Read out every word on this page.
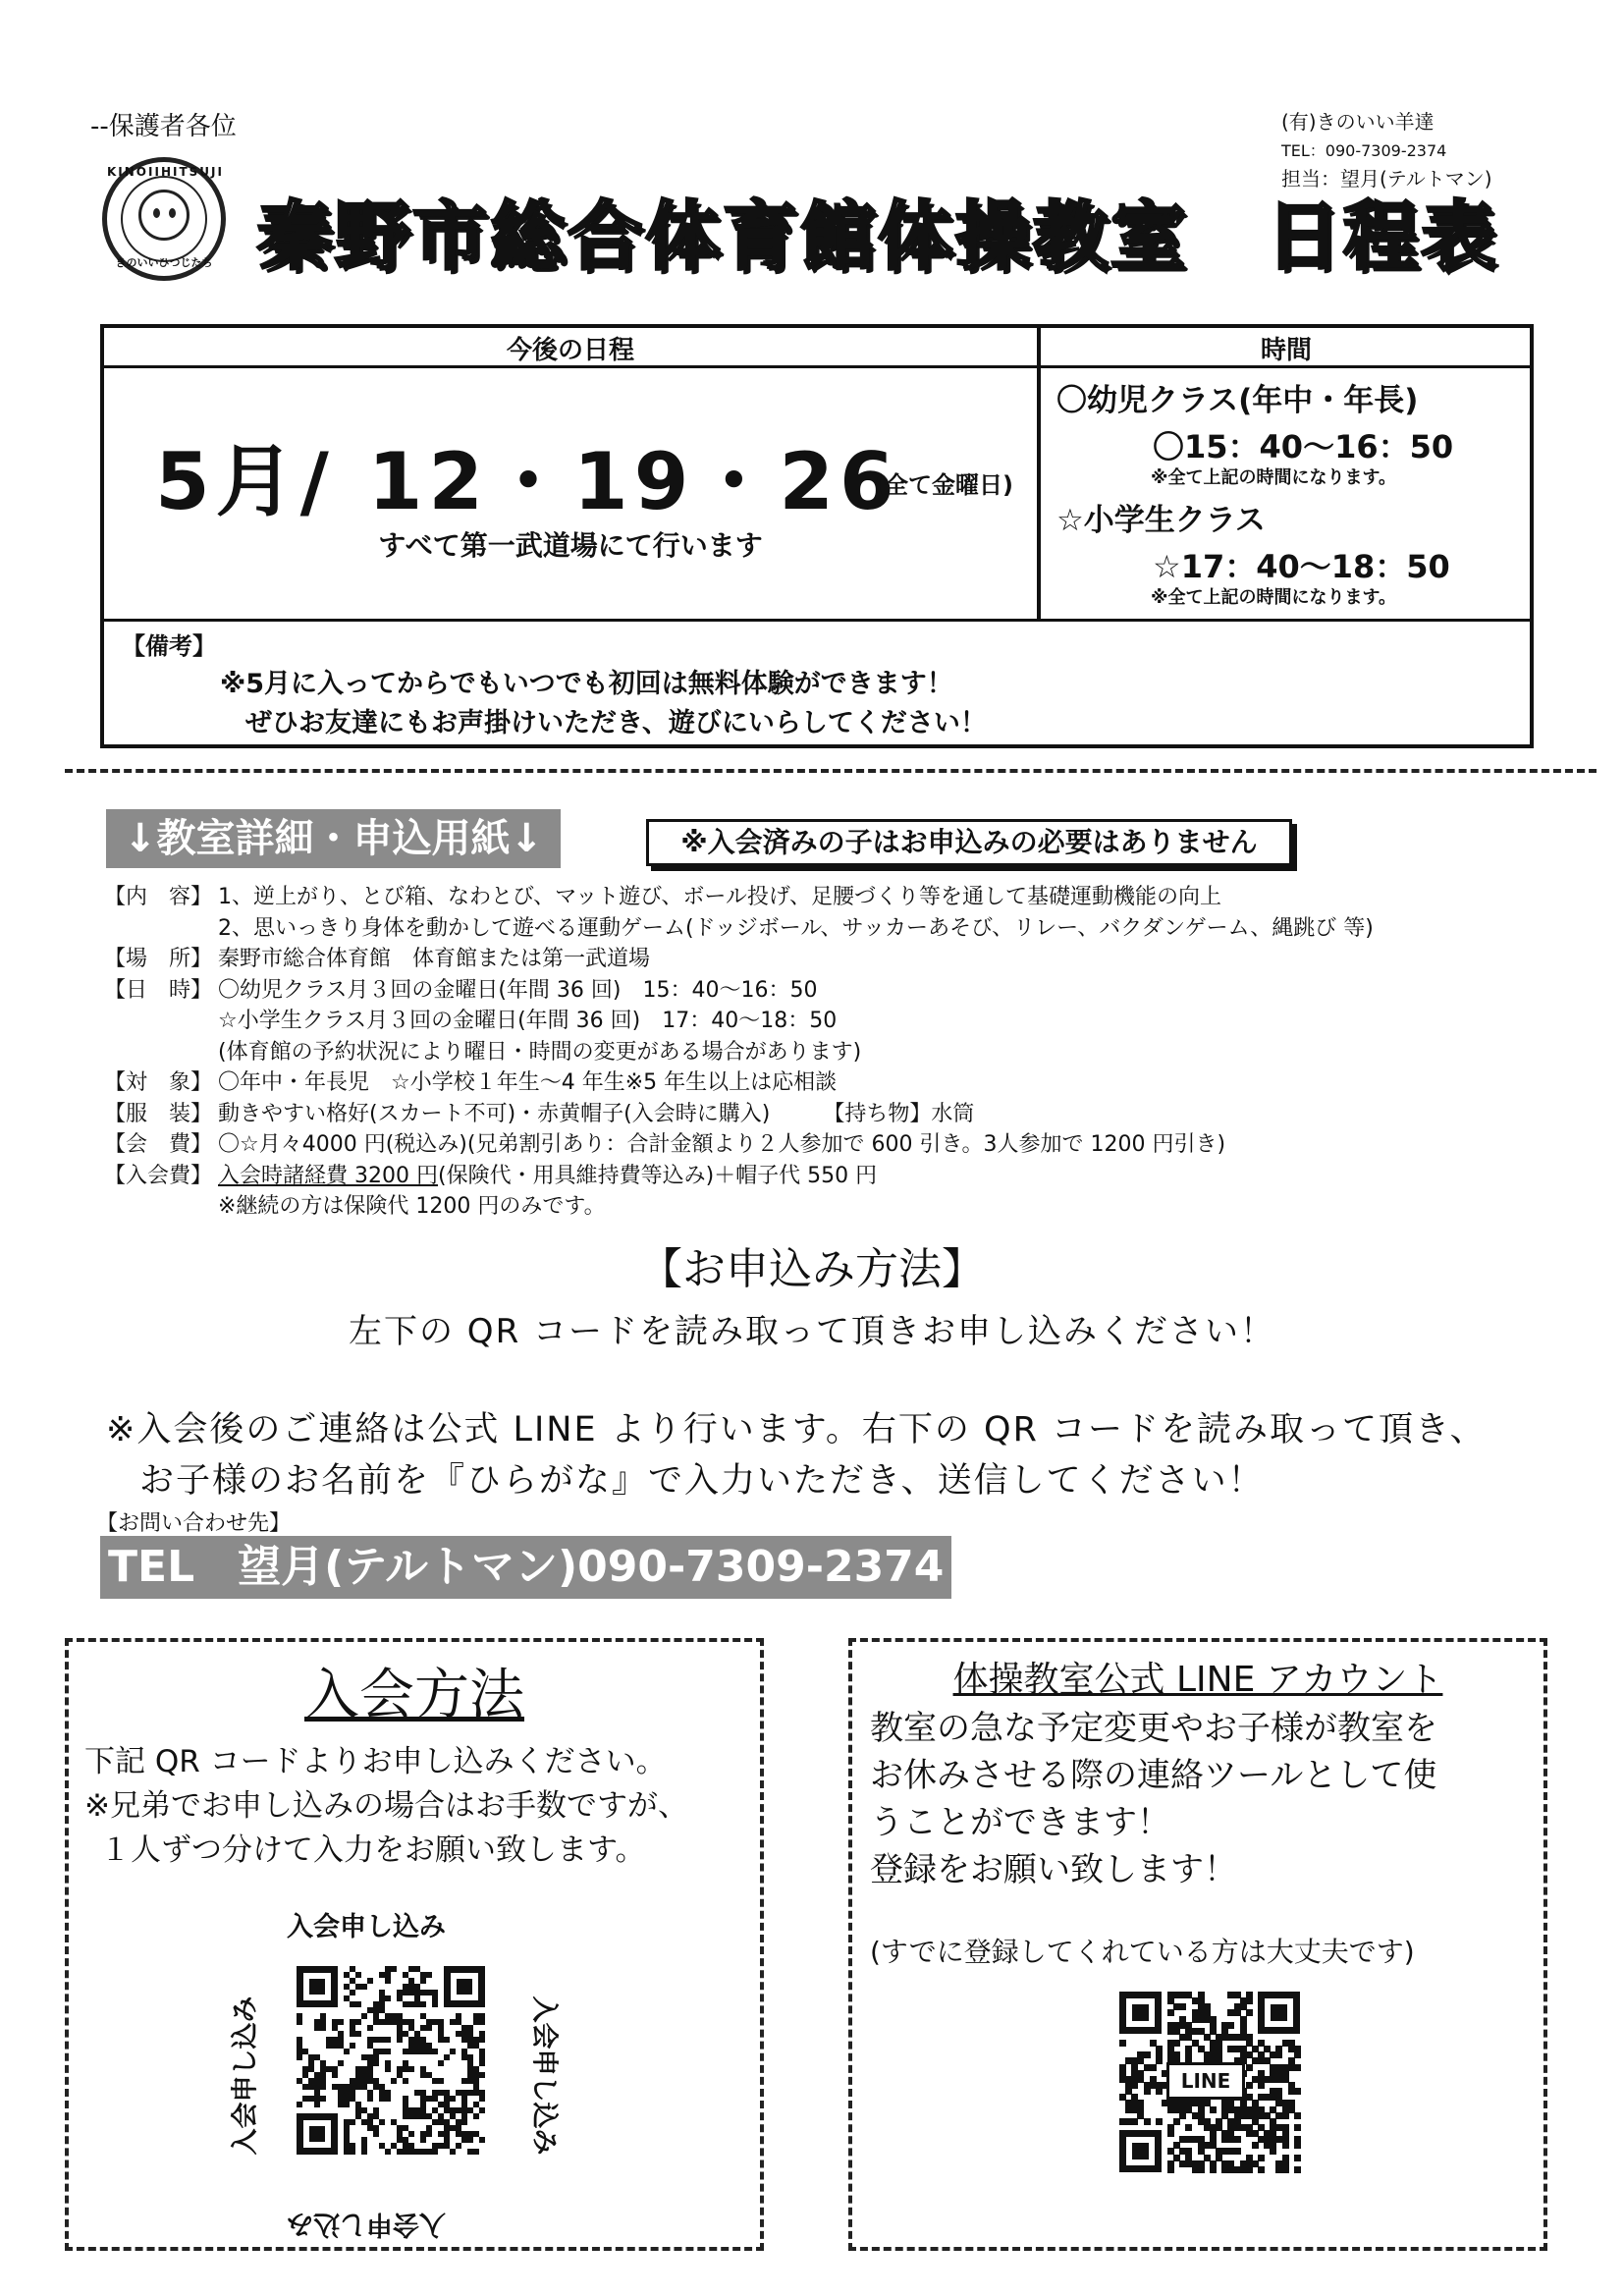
--保護者各位	(有)きのいい羊達
TEL：090-7309-2374
担当：望月(テルトマン)
KINOIIHITSUJI
きのいいひつじたち 秦野市総合体育館体操教室　日程表
今後の日程	時間
5月/ 12・19・26
(全て金曜日)
すべて第一武道場にて行います
〇幼児クラス(年中・年長)
〇15：40～16：50
※全て上記の時間になります。
☆小学生クラス
☆17：40～18：50
※全て上記の時間になります。
【備考】
※5月に入ってからでもいつでも初回は無料体験ができます！
ぜひお友達にもお声掛けいただき、遊びにいらしてください！
↓教室詳細・申込用紙↓	※入会済みの子はお申込みの必要はありません
【内　容】 1、逆上がり、とび箱、なわとび、マット遊び、ボール投げ、足腰づくり等を通して基礎運動機能の向上
2、思いっきり身体を動かして遊べる運動ゲーム(ドッジボール、サッカーあそび、リレー、バクダンゲーム、縄跳び 等)
【場　所】 秦野市総合体育館　体育館または第一武道場
【日　時】 〇幼児クラス月３回の金曜日(年間 36 回)　15：40～16：50
☆小学生クラス月３回の金曜日(年間 36 回)　17：40～18：50
(体育館の予約状況により曜日・時間の変更がある場合があります)
【対　象】 〇年中・年長児　☆小学校１年生～4 年生※5 年生以上は応相談
【服　装】 動きやすい格好(スカート不可)・赤黄帽子(入会時に購入) 【持ち物】水筒
【会　費】 〇☆月々4000 円(税込み)(兄弟割引あり：合計金額より２人参加で 600 引き。3人参加で 1200 円引き)
【入会費】 入会時諸経費 3200 円 (保険代・用具維持費等込み)＋帽子代 550 円
※継続の方は保険代 1200 円のみです。
【お申込み方法】
左下の QR コードを読み取って頂きお申し込みください！
※入会後のご連絡は公式 LINE より行います。右下の QR コードを読み取って頂き、
お子様のお名前を『ひらがな』で入力いただき、送信してください！
【お問い合わせ先】
TEL　望月(テルトマン)090-7309-2374
入会方法
下記 QR コードよりお申し込みください。
※兄弟でお申し込みの場合はお手数ですが、
１人ずつ分けて入力をお願い致します。
入会申し込み
入会申し込み
入会申し込み	入会申し込み
体操教室公式 LINE アカウント
教室の急な予定変更やお子様が教室を
お休みさせる際の連絡ツールとして使
うことができます！
登録をお願い致します！
(すでに登録してくれている方は大丈夫です)
LINE
